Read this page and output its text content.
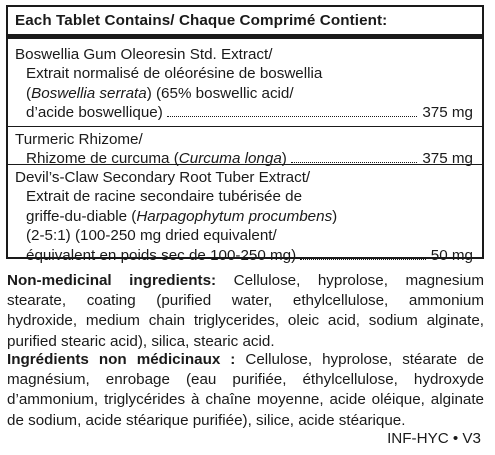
Each Tablet Contains/ Chaque Comprimé Contient:
Boswellia Gum Oleoresin Std. Extract/
Extrait normalisé de oléorésine de boswellia
(Boswellia serrata) (65% boswellic acid/
d’acide boswellique)	375 mg
Turmeric Rhizome/
Rhizome de curcuma (Curcuma longa)	375 mg
Devil’s-Claw Secondary Root Tuber Extract/
Extrait de racine secondaire tubérisée de
griffe-du-diable (Harpagophytum procumbens)
(2-5:1) (100-250 mg dried equivalent/
équivalent en poids sec de 100-250 mg)	50 mg
Non-medicinal ingredients: Cellulose, hyprolose, magnesium
stearate, coating (purified water, ethylcellulose, ammonium
hydroxide, medium chain triglycerides, oleic acid, sodium alginate,
purified stearic acid), silica, stearic acid.
Ingrédients non médicinaux : Cellulose, hyprolose, stéarate de
magnésium, enrobage (eau purifiée, éthylcellulose, hydroxyde
d’ammonium, triglycérides à chaîne moyenne, acide oléique, alginate
de sodium, acide stéarique purifiée), silice, acide stéarique.
INF-HYC • V3
